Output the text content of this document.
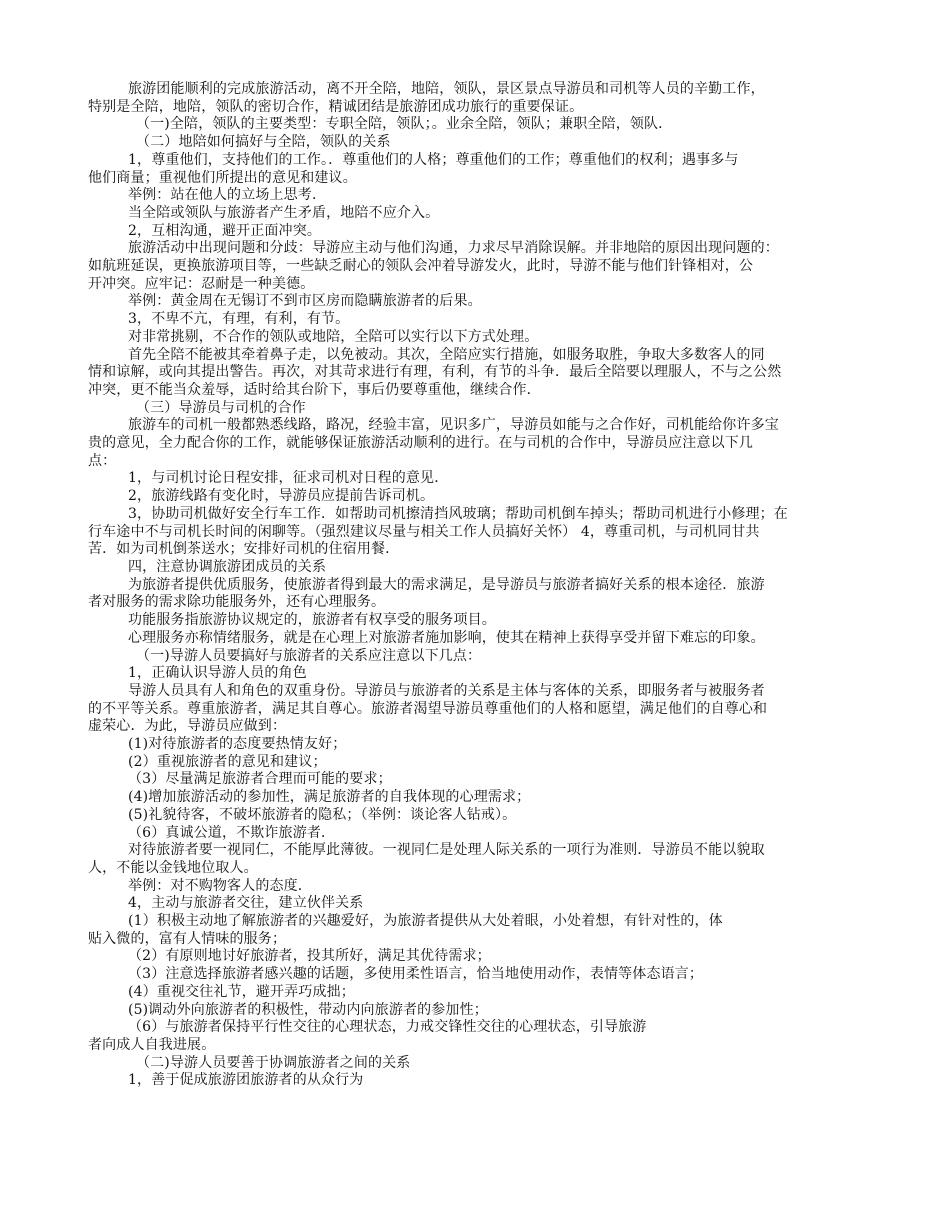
旅游团能顺利的完成旅游活动，离不开全陪，地陪，领队，景区景点导游员和司机等人员的辛勤工作，

特别是全陪，地陪，领队的密切合作，精诚团结是旅游团成功旅行的重要保证。

（一)全陪，领队的主要类型：专职全陪，领队；。业余全陪，领队；兼职全陪，领队．

（二）地陪如何搞好与全陪，领队的关系

1，尊重他们，支持他们的工作。．尊重他们的人格；尊重他们的工作；尊重他们的权利；遇事多与

他们商量；重视他们所提出的意见和建议。

举例：站在他人的立场上思考．

当全陪或领队与旅游者产生矛盾，地陪不应介入。

2，互相沟通，避开正面冲突。

旅游活动中出现问题和分歧：导游应主动与他们沟通，力求尽早消除误解。并非地陪的原因出现问题的：

如航班延误，更换旅游项目等，一些缺乏耐心的领队会冲着导游发火，此时，导游不能与他们针锋相对，公

开冲突。应牢记：忍耐是一种美德。

举例：黄金周在无锡订不到市区房而隐瞒旅游者的后果。

3，不卑不亢，有理，有利，有节。

对非常挑剔，不合作的领队或地陪，全陪可以实行以下方式处理。

首先全陪不能被其牵着鼻子走，以免被动。其次，全陪应实行措施，如服务取胜，争取大多数客人的同

情和谅解，或向其提出警告。再次，对其苛求进行有理，有利，有节的斗争．最后全陪要以理服人，不与之公然

冲突，更不能当众羞辱，适时给其台阶下，事后仍要尊重他，继续合作．

（三）导游员与司机的合作

旅游车的司机一般都熟悉线路，路况，经验丰富，见识多广，导游员如能与之合作好，司机能给你许多宝

贵的意见，全力配合你的工作，就能够保证旅游活动顺利的进行。在与司机的合作中，导游员应注意以下几

点：

1，与司机讨论日程安排，征求司机对日程的意见．

2，旅游线路有变化时，导游员应提前告诉司机。

3，协助司机做好安全行车工作．如帮助司机擦清挡风玻璃；帮助司机倒车掉头；帮助司机进行小修理；在

行车途中不与司机长时间的闲聊等。（强烈建议尽量与相关工作人员搞好关怀） 4，尊重司机，与司机同甘共

苦．如为司机倒茶送水；安排好司机的住宿用餐．

四，注意协调旅游团成员的关系

为旅游者提供优质服务，使旅游者得到最大的需求满足，是导游员与旅游者搞好关系的根本途径．旅游

者对服务的需求除功能服务外，还有心理服务。

功能服务指旅游协议规定的，旅游者有权享受的服务项目。

心理服务亦称情绪服务，就是在心理上对旅游者施加影响，使其在精神上获得享受并留下难忘的印象。

（一)导游人员要搞好与旅游者的关系应注意以下几点：

1，正确认识导游人员的角色

导游人员具有人和角色的双重身份。导游员与旅游者的关系是主体与客体的关系，即服务者与被服务者

的不平等关系。尊重旅游者，满足其自尊心。旅游者渴望导游员尊重他们的人格和愿望，满足他们的自尊心和

虚荣心．为此，导游员应做到：

(1)对待旅游者的态度要热情友好；

(2）重视旅游者的意见和建议；

（3）尽量满足旅游者合理而可能的要求；

(4)增加旅游活动的参加性，满足旅游者的自我体现的心理需求；

(5)礼貌待客，不破坏旅游者的隐私；（举例：谈论客人钻戒）。

（6）真诚公道，不欺诈旅游者．

对待旅游者要一视同仁，不能厚此薄彼。一视同仁是处理人际关系的一项行为准则．导游员不能以貌取

人，不能以金钱地位取人。

举例：对不购物客人的态度．

4，主动与旅游者交往，建立伙伴关系

(1）积极主动地了解旅游者的兴趣爱好，为旅游者提供从大处着眼，小处着想，有针对性的，体

贴入微的，富有人情味的服务；

（2）有原则地讨好旅游者，投其所好，满足其优待需求；

（3）注意选择旅游者感兴趣的话题，多使用柔性语言，恰当地使用动作，表情等体态语言；

(4）重视交往礼节，避开弄巧成拙；

(5)调动外向旅游者的积极性，带动内向旅游者的参加性；

（6）与旅游者保持平行性交往的心理状态，力戒交锋性交往的心理状态，引导旅游

者向成人自我进展。

（二)导游人员要善于协调旅游者之间的关系

1，善于促成旅游团旅游者的从众行为
